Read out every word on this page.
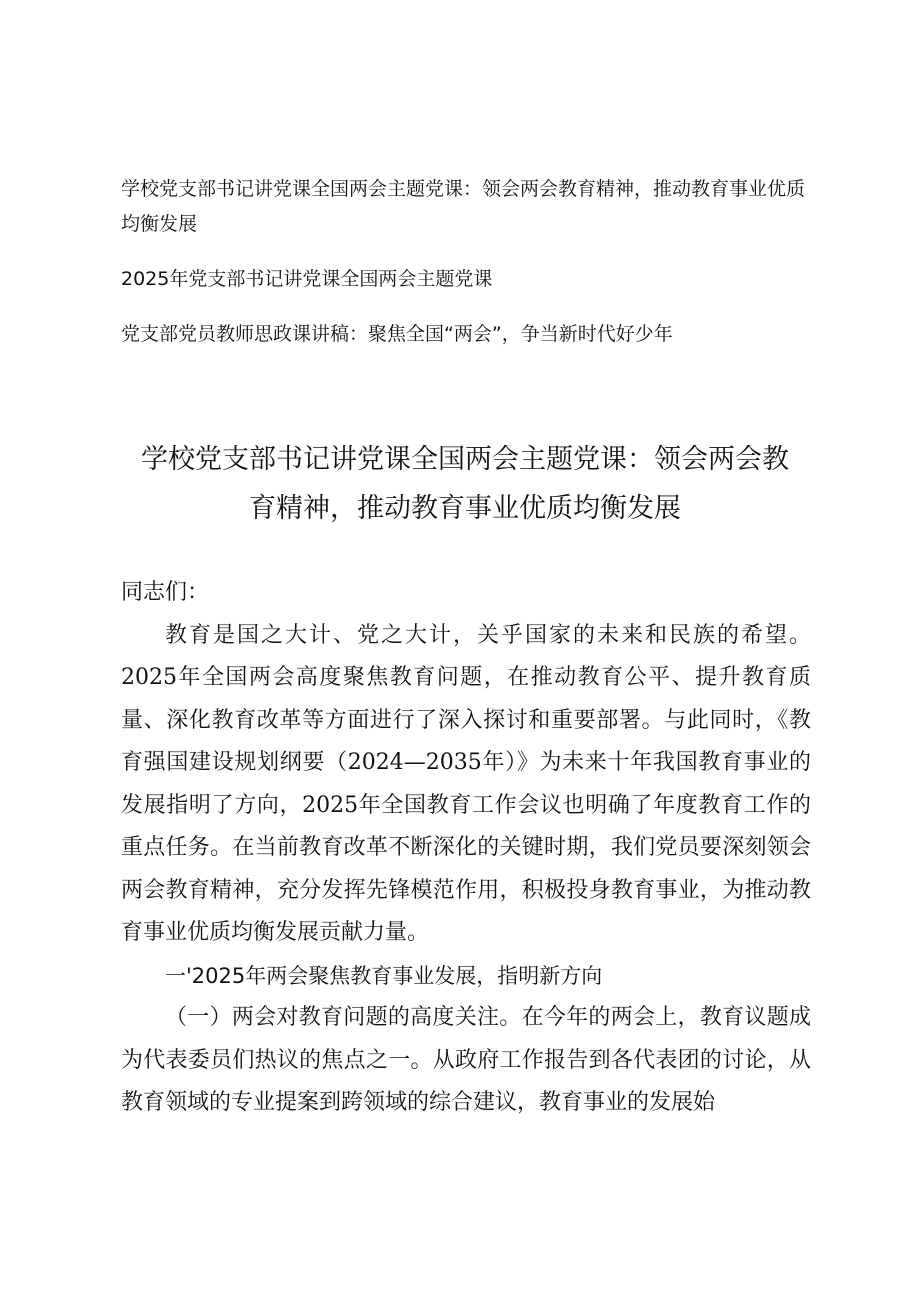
学校党支部书记讲党课全国两会主题党课：领会两会教育精神，推动教育事业优质均衡发展

2025年党支部书记讲党课全国两会主题党课

党支部党员教师思政课讲稿：聚焦全国“两会”，争当新时代好少年

学校党支部书记讲党课全国两会主题党课：领会两会教
育精神，推动教育事业优质均衡发展

同志们：

教育是国之大计、党之大计，关乎国家的未来和民族的希望。2025年全国两会高度聚焦教育问题，在推动教育公平、提升教育质量、深化教育改革等方面进行了深入探讨和重要部署。与此同时，《教育强国建设规划纲要（2024—2035年）》为未来十年我国教育事业的发展指明了方向，2025年全国教育工作会议也明确了年度教育工作的重点任务。在当前教育改革不断深化的关键时期，我们党员要深刻领会两会教育精神，充分发挥先锋模范作用，积极投身教育事业，为推动教育事业优质均衡发展贡献力量。

一'2025年两会聚焦教育事业发展，指明新方向

（一）两会对教育问题的高度关注。在今年的两会上，教育议题成为代表委员们热议的焦点之一。从政府工作报告到各代表团的讨论，从教育领域的专业提案到跨领域的综合建议，教育事业的发展始
